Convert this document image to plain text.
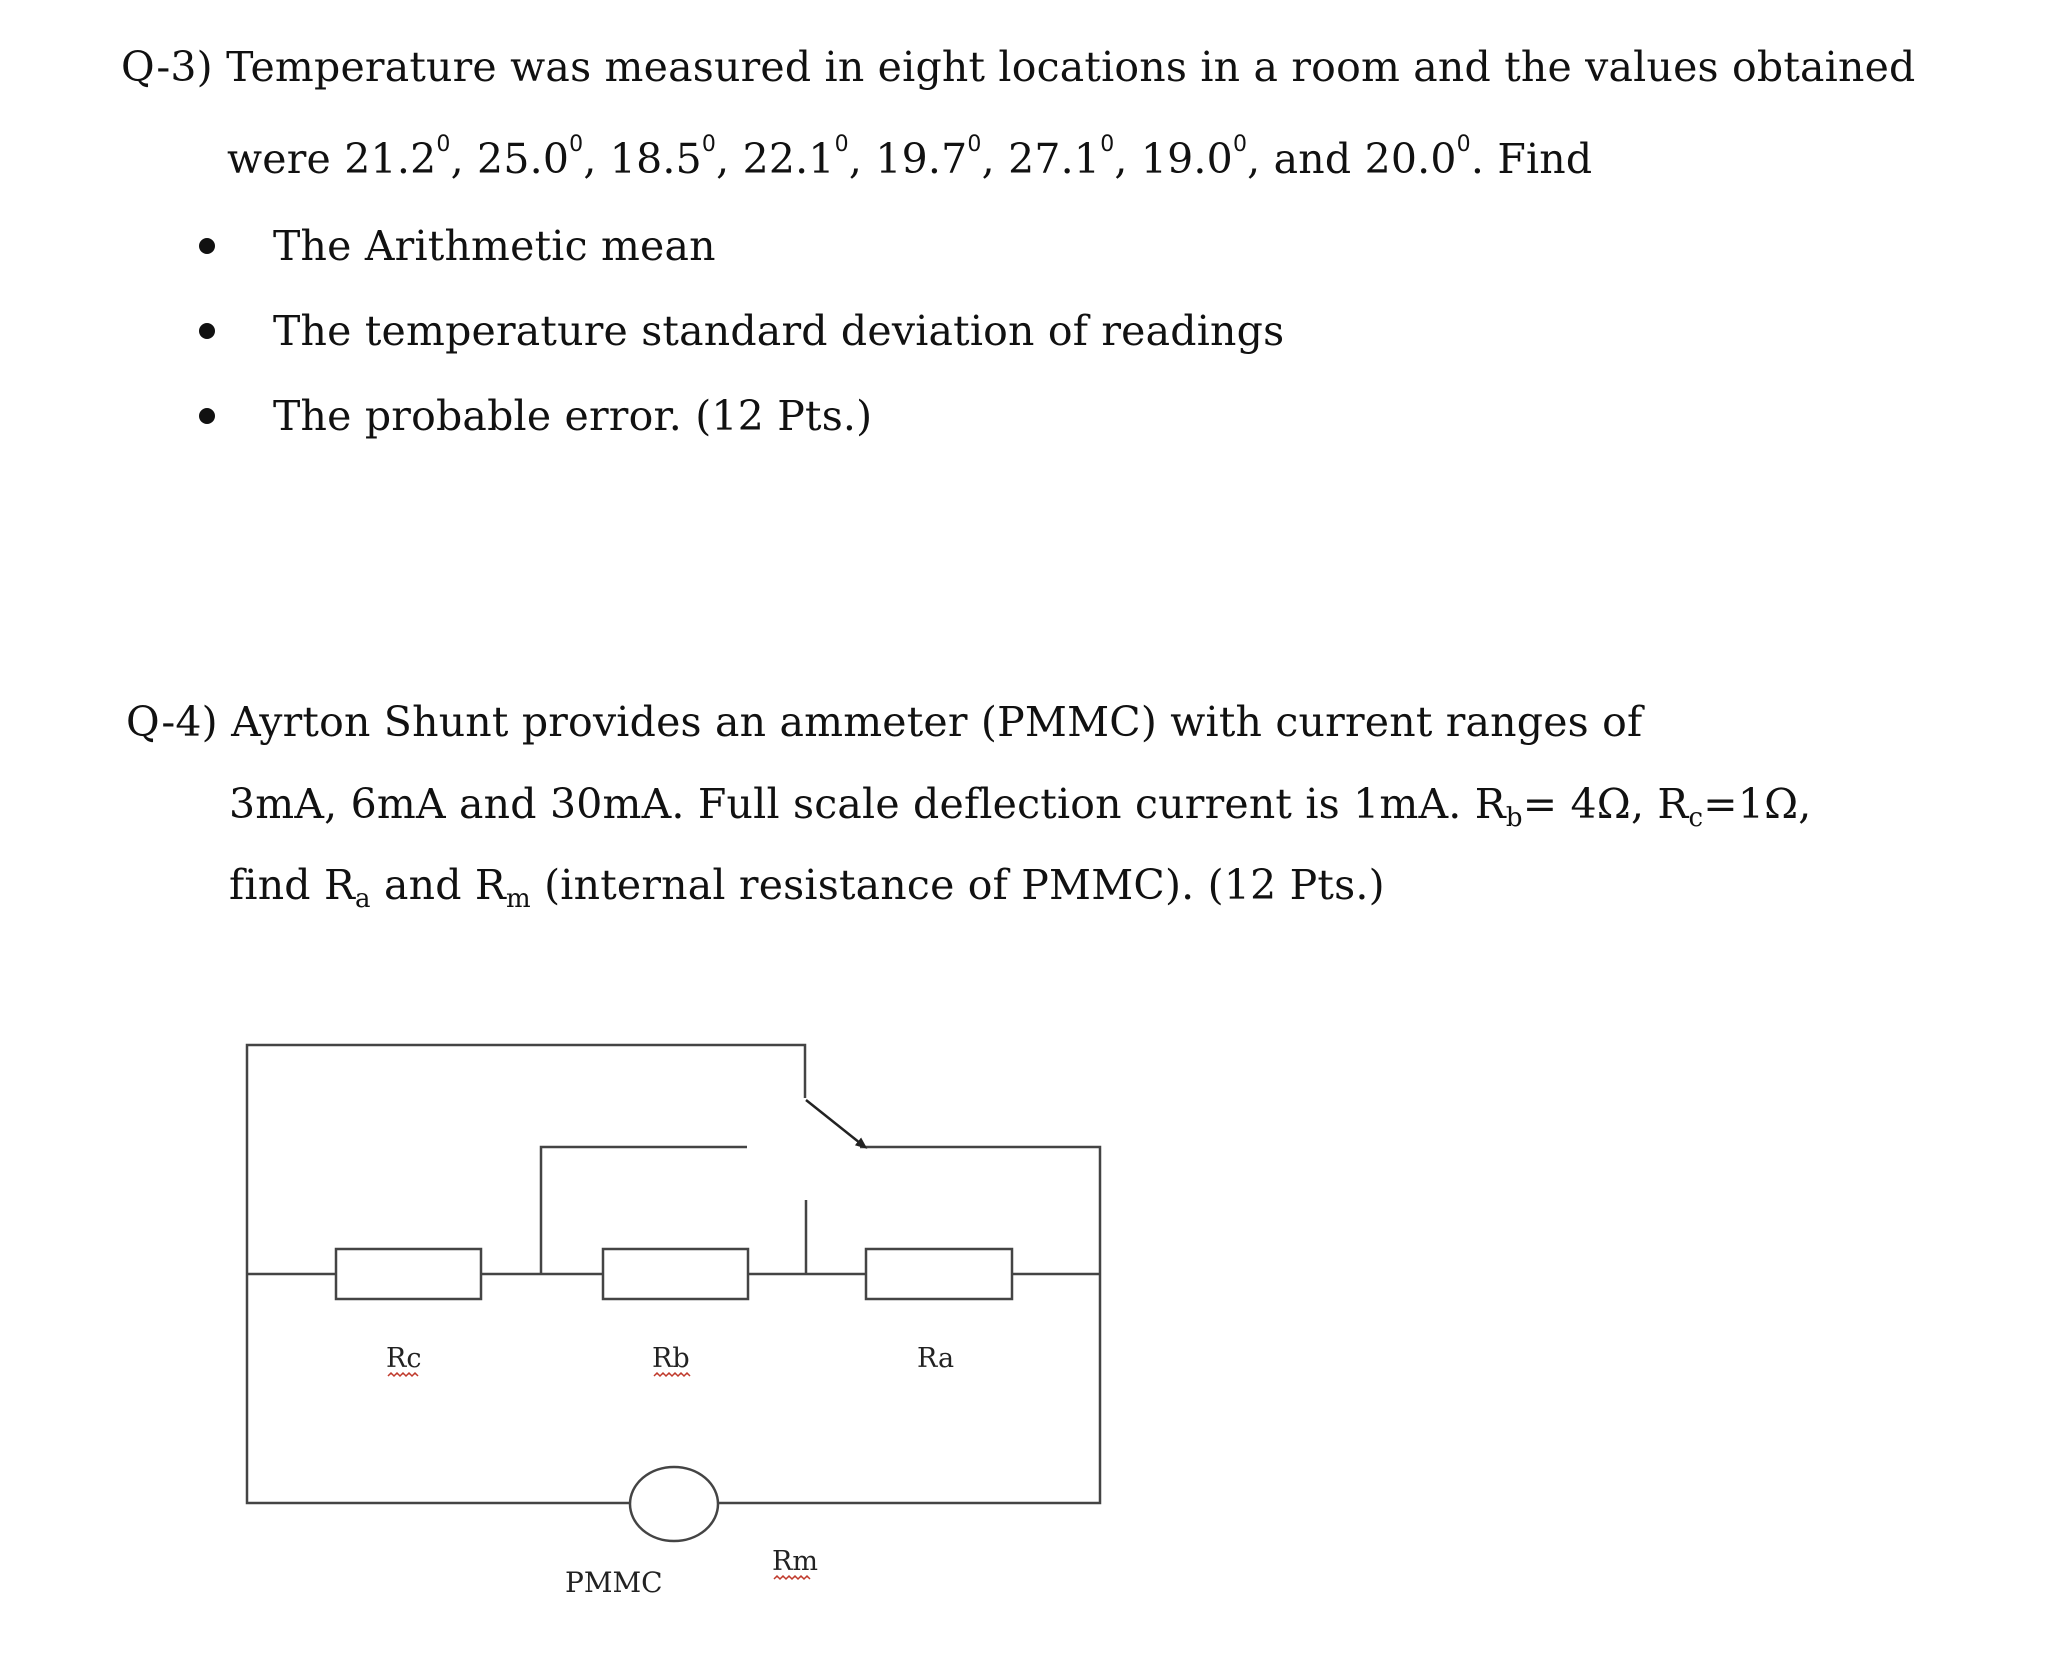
Q-3) Temperature was measured in eight locations in a room and the values obtained
were 21.2$^0$, 25.0$^0$, 18.5$^0$, 22.1$^0$, 19.7$^0$, 27.1$^0$, 19.0$^0$, and 20.0$^0$. Find
The Arithmetic mean
The temperature standard deviation of readings
The probable error. (12 Pts.)
Q-4) Ayrton Shunt provides an ammeter (PMMC) with current ranges of
3mA, 6mA and 30mA. Full scale deflection current is 1mA. $R_b= 4\Omega$, $R_c=1\Omega$,
find $R_a$ and $R_m$ (internal resistance of PMMC). (12 Pts.)
Rc	Rb	Ra
Rm
PMMC
